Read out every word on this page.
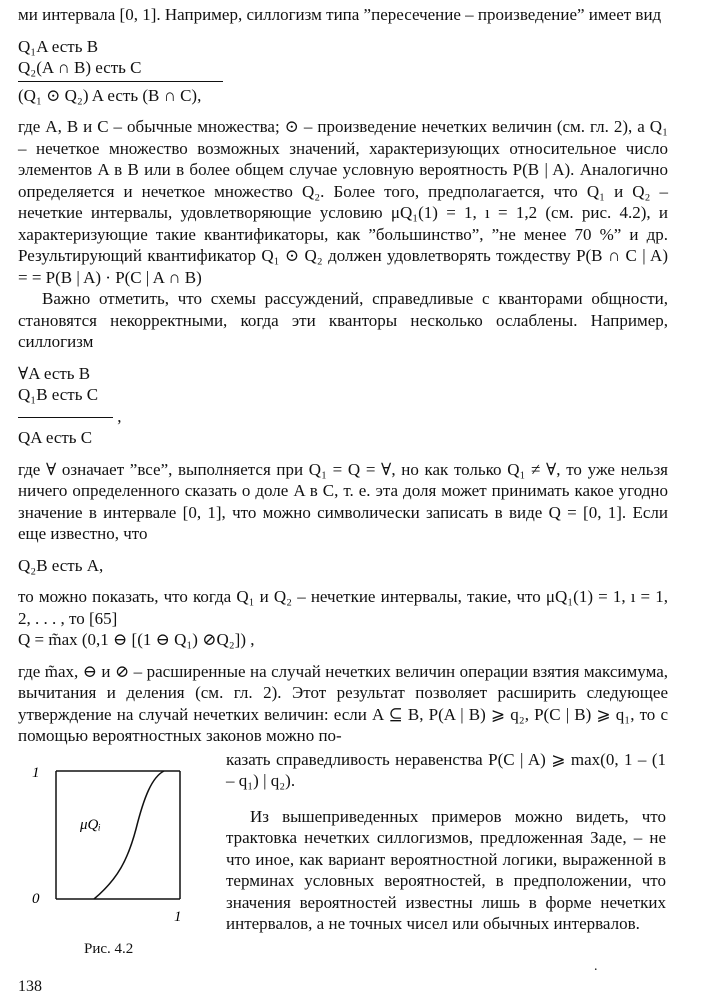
ми интервала [0, 1]. Например, силлогизм типа ”пересечение – произведение” имеет вид

Q₁A есть B
Q₂(A ∩ B) есть C
(Q₁ ⊙ Q₂) A есть (B ∩ C),

где A, B и C – обычные множества; ⊙ – произведение нечетких величин (см. гл. 2), а Q₁ – нечеткое множество возможных значений, характеризующих относительное число элементов A в B или в более общем случае условную вероятность P(B | A). Аналогично определяется и нечеткое множество Q₂. Более того, предполагается, что Q₁ и Q₂ – нечеткие интервалы, удовлетворяющие условию μQ₁(1) = 1, ı = 1,2 (см. рис. 4.2), и характеризующие такие квантификаторы, как ”большинство”, ”не менее 70 %” и др. Результирующий квантификатор Q₁ ⊙ Q₂ должен удовлетворять тождеству P(B ∩ C | A) = = P(B | A) · P(C | A ∩ B)

Важно отметить, что схемы рассуждений, справедливые с кванторами общности, становятся некорректными, когда эти кванторы несколько ослаблены. Например, силлогизм

∀A есть B
Q₁B есть C
,
QA есть C

где ∀ означает ”все”, выполняется при Q₁ = Q = ∀, но как только Q₁ ≠ ∀, то уже нельзя ничего определенного сказать о доле A в C, т. е. эта доля может принимать какое угодно значение в интервале [0, 1], что можно символически записать в виде Q = [0, 1]. Если еще известно, что

Q₂B есть A,

то можно показать, что когда Q₁ и Q₂ – нечеткие интервалы, такие, что μQ₁(1) = 1, ı = 1, 2, . . . , то [65]

Q = m̃ax (0,1 ⊖ [(1 ⊖ Q₁) ⊘Q₂]) ,

где m̃ax, ⊖ и ⊘ – расширенные на случай нечетких величин операции взятия максимума, вычитания и деления (см. гл. 2). Этот результат позволяет расширить следующее утверждение на случай нечетких величин: если A ⊆ B, P(A | B) ⩾ q₂, P(C | B) ⩾ q₁, то с помощью вероятностных законов можно по-

1
0
1
μQᵢ
Рис. 4.2

казать справедливость неравенства P(C | A) ⩾ max(0, 1 – (1 – q₁) | q₂).

Из вышеприведенных примеров можно видеть, что трактовка нечетких силлогизмов, предложенная Заде, – не что иное, как вариант вероятностной логики, выраженной в терминах условных вероятностей, в предположении, что значения вероятностей известны лишь в форме нечетких интервалов, а не точных чисел или обычных интервалов.

.
138
